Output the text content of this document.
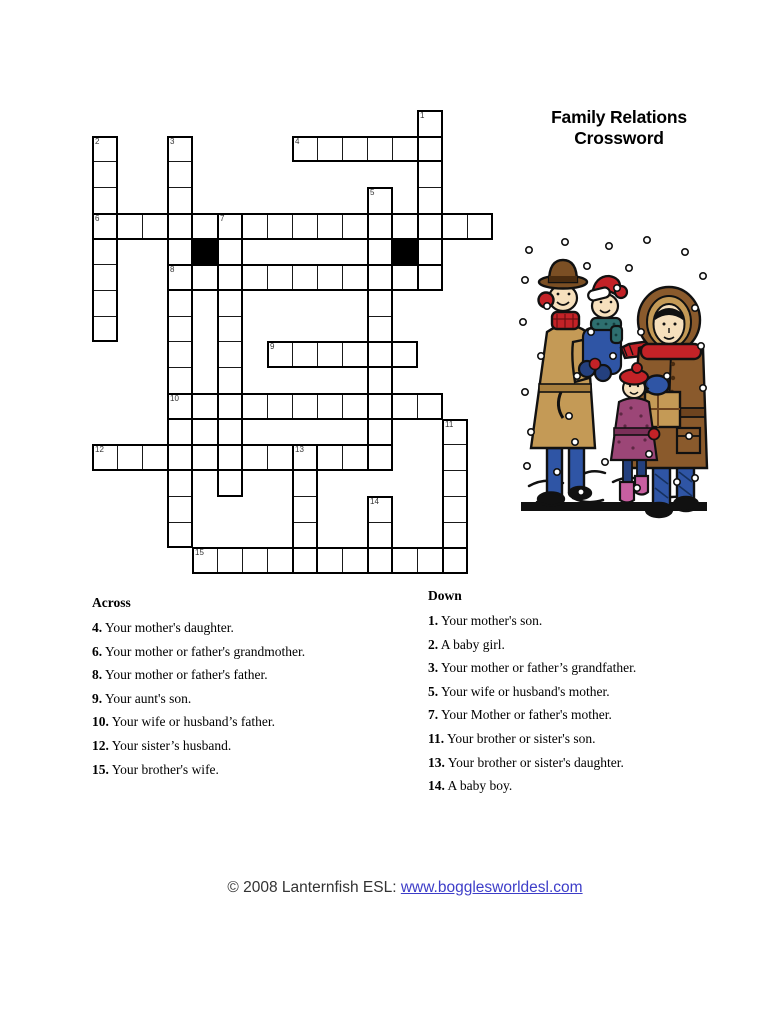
Family Relations
Crossword
1
2
6
3
8
10
4
5
7
9
11
12	13
14
15
Across
4. Your mother's daughter.
6. Your mother or father's grandmother.
8. Your mother or father's father.
9. Your aunt's son.
10. Your wife or husband’s father.
12. Your sister’s husband.
15. Your brother's wife.
Down
1. Your mother's son.
2. A baby girl.
3. Your mother or father’s grandfather.
5. Your wife or husband's mother.
7. Your Mother or father's mother.
11. Your brother or sister's son.
13. Your brother or sister's daughter.
14. A baby boy.
© 2008 Lanternfish ESL: www.bogglesworldesl.com
